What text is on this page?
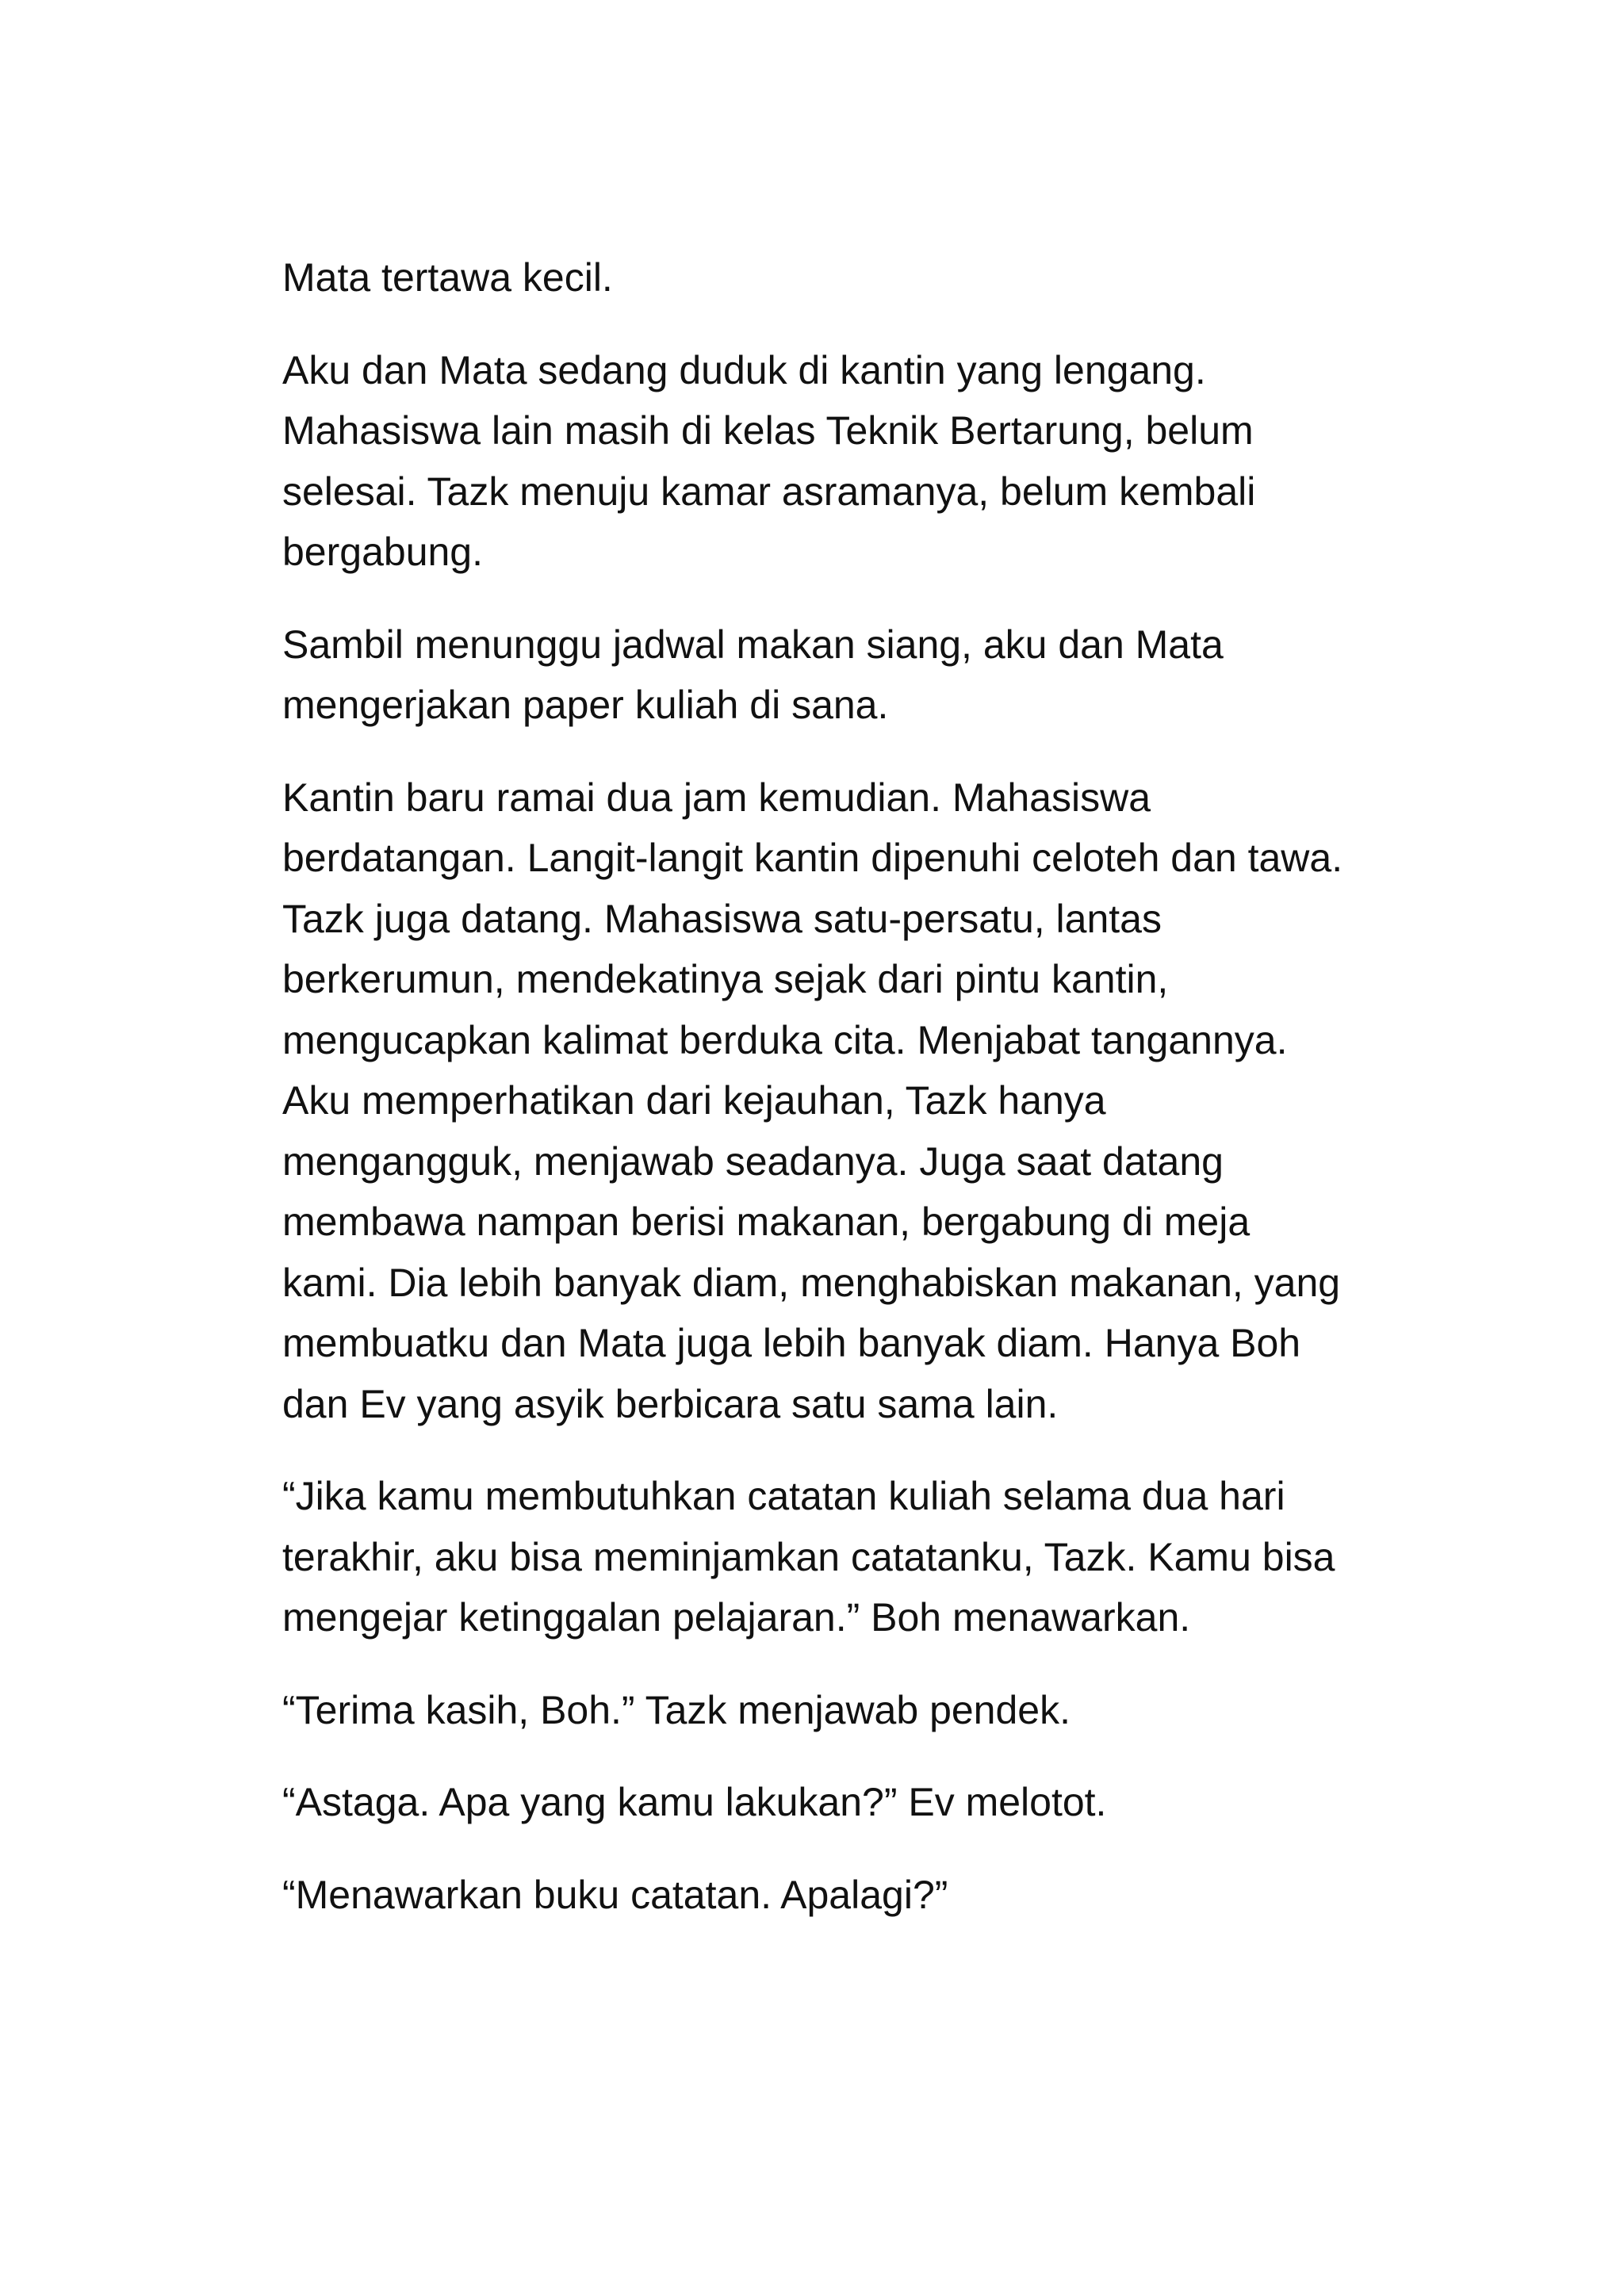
Mata tertawa kecil.

Aku dan Mata sedang duduk di kantin yang lengang. Mahasiswa lain masih di kelas Teknik Bertarung, belum selesai. Tazk menuju kamar asramanya, belum kembali bergabung.

Sambil menunggu jadwal makan siang, aku dan Mata mengerjakan paper kuliah di sana.

Kantin baru ramai dua jam kemudian. Mahasiswa berdatangan. Langit-langit kantin dipenuhi celoteh dan tawa. Tazk juga datang. Mahasiswa satu-persatu, lantas berkerumun, mendekatinya sejak dari pintu kantin, mengucapkan kalimat berduka cita. Menjabat tangannya. Aku memperhatikan dari kejauhan, Tazk hanya mengangguk, menjawab seadanya. Juga saat datang membawa nampan berisi makanan, bergabung di meja kami. Dia lebih banyak diam, menghabiskan makanan, yang membuatku dan Mata juga lebih banyak diam. Hanya Boh dan Ev yang asyik berbicara satu sama lain.

“Jika kamu membutuhkan catatan kuliah selama dua hari terakhir, aku bisa meminjamkan catatanku, Tazk. Kamu bisa mengejar ketinggalan pelajaran.” Boh menawarkan.

“Terima kasih, Boh.” Tazk menjawab pendek.

“Astaga. Apa yang kamu lakukan?” Ev melotot.

“Menawarkan buku catatan. Apalagi?”
